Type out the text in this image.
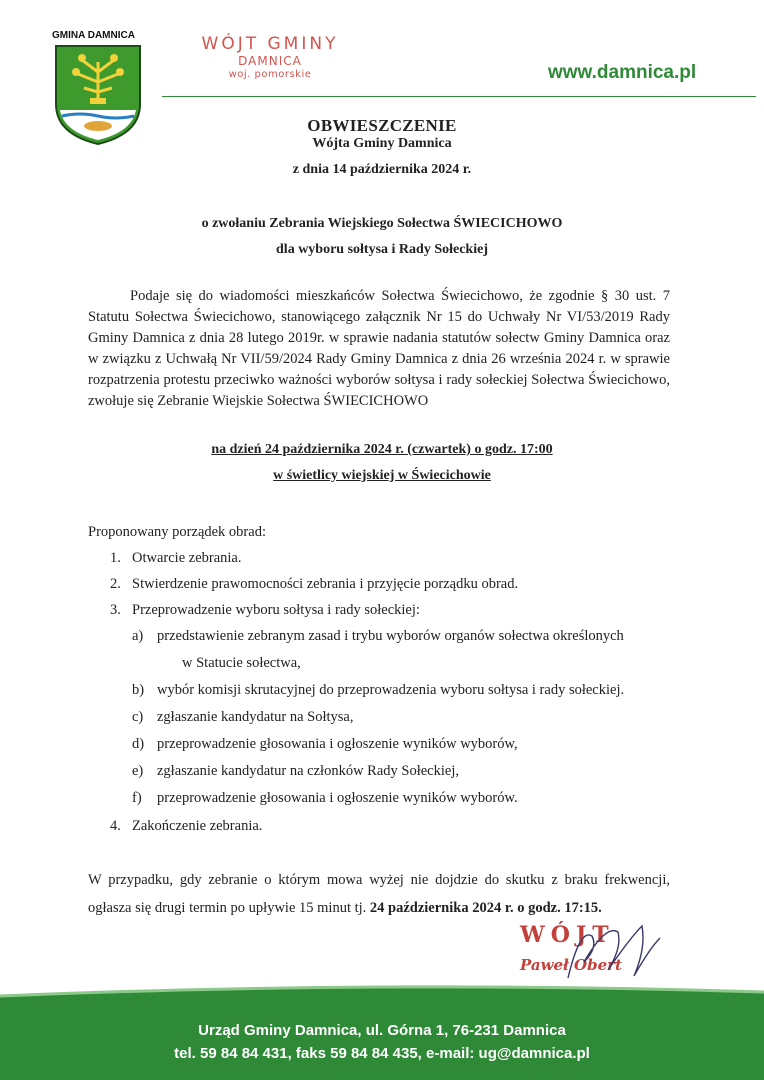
GMINA DAMNICA	WÓJT GMINY
DAMNICA
woj. pomorskie	www.damnica.pl
OBWIESZCZENIE
Wójta Gminy Damnica
z dnia 14 października 2024 r.
o zwołaniu Zebrania Wiejskiego Sołectwa ŚWIECICHOWO
dla wyboru sołtysa i Rady Sołeckiej

Podaje się do wiadomości mieszkańców Sołectwa Świecichowo, że zgodnie § 30 ust. 7 Statutu Sołectwa Świecichowo, stanowiącego załącznik Nr 15 do Uchwały Nr VI/53/2019 Rady Gminy Damnica z dnia 28 lutego 2019r. w sprawie nadania statutów sołectw Gminy Damnica oraz w związku z Uchwałą Nr VII/59/2024 Rady Gminy Damnica z dnia 26 września 2024 r. w sprawie rozpatrzenia protestu przeciwko ważności wyborów sołtysa i rady sołeckiej Sołectwa Świecichowo, zwołuje się Zebranie Wiejskie Sołectwa ŚWIECICHOWO

na dzień 24 października 2024 r. (czwartek) o godz. 17:00
w świetlicy wiejskiej w Świecichowie
Proponowany porządek obrad:
1. Otwarcie zebrania.
2. Stwierdzenie prawomocności zebrania i przyjęcie porządku obrad.
3. Przeprowadzenie wyboru sołtysa i rady sołeckiej:
a) przedstawienie zebranym zasad i trybu wyborów organów sołectwa określonych
w Statucie sołectwa,
b) wybór komisji skrutacyjnej do przeprowadzenia wyboru sołtysa i rady sołeckiej.
c) zgłaszanie kandydatur na Sołtysa,
d) przeprowadzenie głosowania i ogłoszenie wyników wyborów,
e) zgłaszanie kandydatur na członków Rady Sołeckiej,
f) przeprowadzenie głosowania i ogłoszenie wyników wyborów.
4. Zakończenie zebrania.
W przypadku, gdy zebranie o którym mowa wyżej nie dojdzie do skutku z braku frekwencji, ogłasza się drugi termin po upływie 15 minut tj. 24 października 2024 r. o godz. 17:15.
WÓJT
Paweł Obert
Urząd Gminy Damnica, ul. Górna 1, 76-231 Damnica
tel. 59 84 84 431, faks 59 84 84 435, e-mail: ug@damnica.pl
